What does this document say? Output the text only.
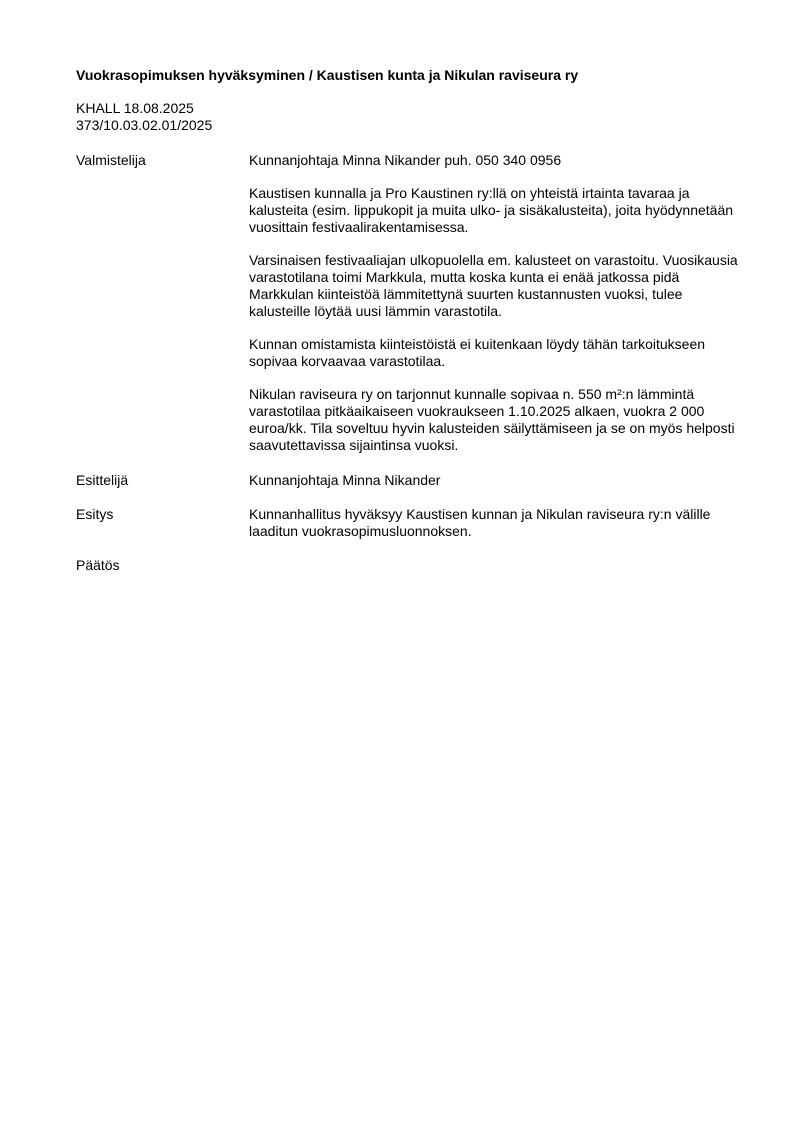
Vuokrasopimuksen hyväksyminen / Kaustisen kunta ja Nikulan raviseura ry
KHALL 18.08.2025
373/10.03.02.01/2025
Valmistelija	Kunnanjohtaja Minna Nikander puh. 050 340 0956

Kaustisen kunnalla ja Pro Kaustinen ry:llä on yhteistä irtainta tavaraa ja kalusteita (esim. lippukopit ja muita ulko- ja sisäkalusteita), joita hyödynnetään vuosittain festivaalirakentamisessa.

Varsinaisen festivaaliajan ulkopuolella em. kalusteet on varastoitu. Vuosikausia varastotilana toimi Markkula, mutta koska kunta ei enää jatkossa pidä Markkulan kiinteistöä lämmitettynä suurten kustannusten vuoksi, tulee kalusteille löytää uusi lämmin varastotila.

Kunnan omistamista kiinteistöistä ei kuitenkaan löydy tähän tarkoitukseen sopivaa korvaavaa varastotilaa.

Nikulan raviseura ry on tarjonnut kunnalle sopivaa n. 550 m²:n lämmintä varastotilaa pitkäaikaiseen vuokraukseen 1.10.2025 alkaen, vuokra 2 000 euroa/kk. Tila soveltuu hyvin kalusteiden säilyttämiseen ja se on myös helposti saavutettavissa sijaintinsa vuoksi.

Esittelijä	Kunnanjohtaja Minna Nikander
Esitys	Kunnanhallitus hyväksyy Kaustisen kunnan ja Nikulan raviseura ry:n välille laaditun vuokrasopimusluonnoksen.
Päätös
